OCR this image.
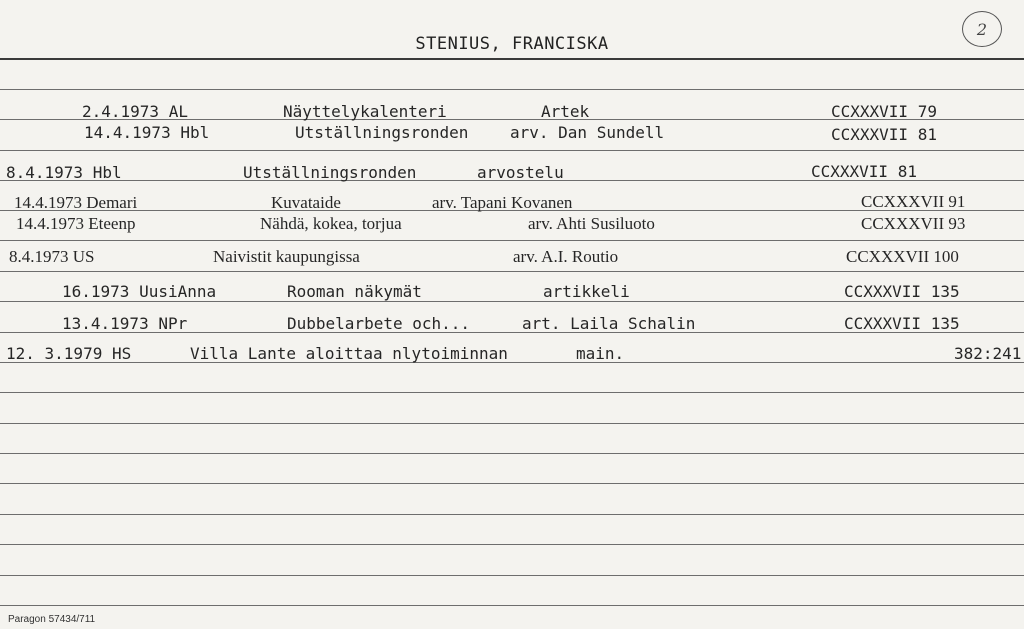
STENIUS, FRANCISKA
2
2.4.1973 AL	Näyttelykalenteri	Artek	CCXXXVII 79
14.4.1973 Hbl	Utställningsronden	arv. Dan Sundell	CCXXXVII 81
8.4.1973 Hbl	Utställningsronden	arvostelu	CCXXXVII 81
14.4.1973 Demari	Kuvataide	arv. Tapani Kovanen	CCXXXVII 91
14.4.1973 Eteenp	Nähdä, kokea, torjua	arv. Ahti Susiluoto	CCXXXVII 93
8.4.1973 US	Naivistit kaupungissa	arv. A.I. Routio	CCXXXVII 100
16.1973 UusiAnna	Rooman näkymät	artikkeli	CCXXXVII 135
13.4.1973 NPr	Dubbelarbete och...	art. Laila Schalin	CCXXXVII 135
12. 3.1979 HS	Villa Lante aloittaa nlytoiminnan	main.	382:241
Paragon 57434/711
